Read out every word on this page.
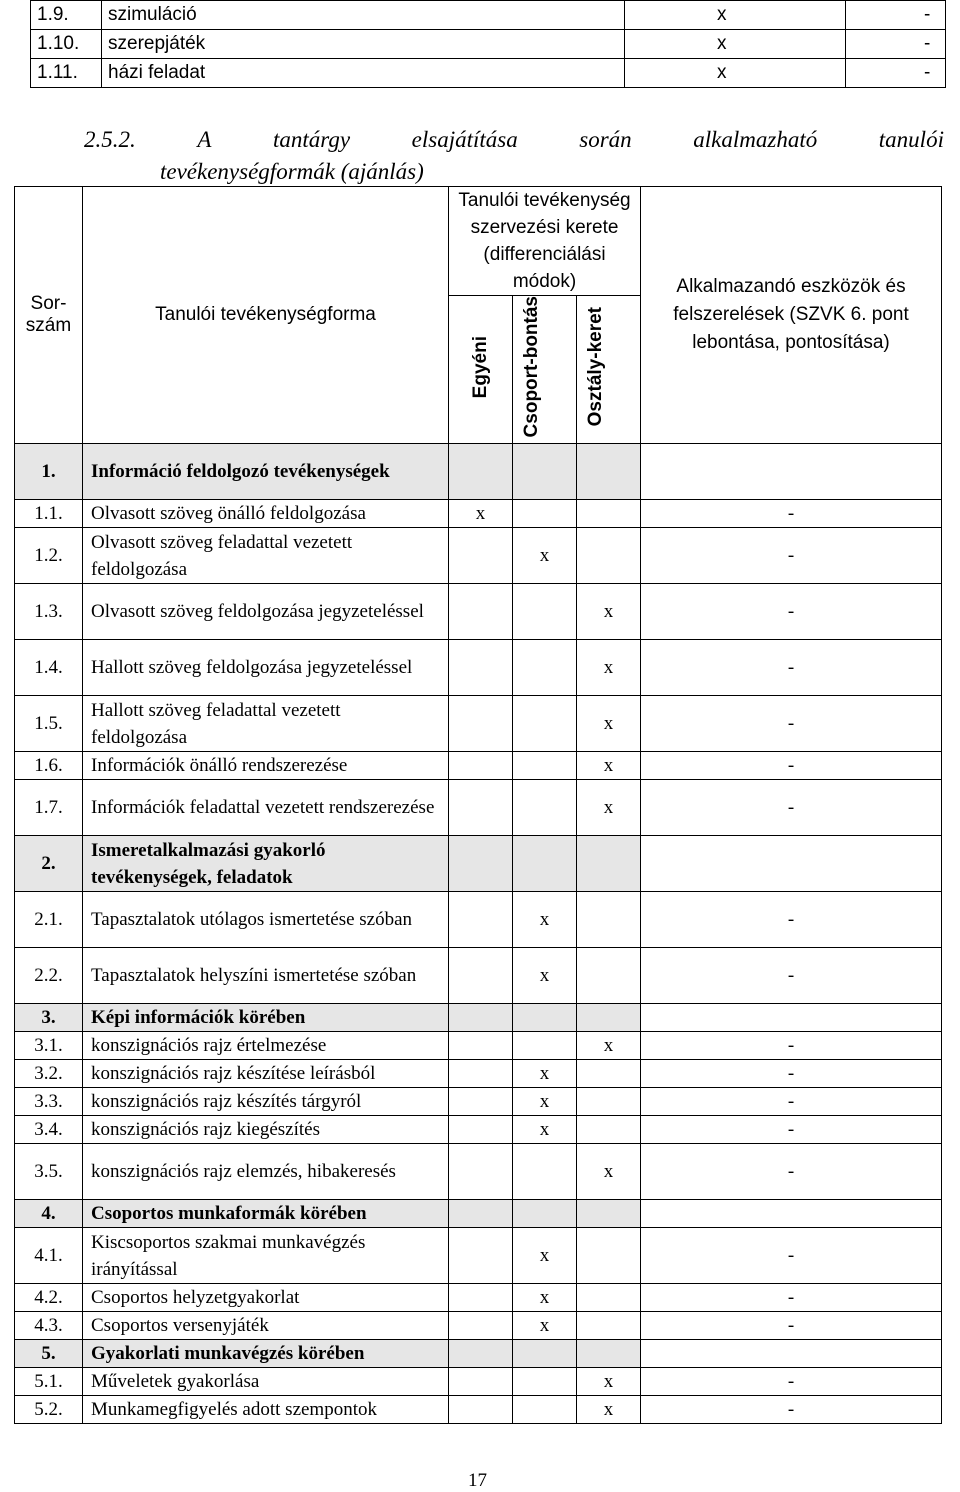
1.9.	szimuláció	x	-
1.10.	szerepjáték	x	-
1.11.	házi feladat	x	-
2.5.2.	A	tantárgy	elsajátítása	során	alkalmazható	tanulói
tevékenységformák (ajánlás)
Sor-szám	Tanulói tevékenységforma	Tanulói tevékenység szervezési kerete (differenciálási módok)			Alkalmazandó eszközök és felszerelések (SZVK 6. pont lebontása, pontosítása)
		Egyéni	Csoport-bontás	Osztály-keret	
1.	Információ feldolgozó tevékenységek				
1.1.	Olvasott szöveg önálló feldolgozása	x			-
1.2.	Olvasott szöveg feladattal vezetett feldolgozása		x		-
1.3.	Olvasott szöveg feldolgozása jegyzeteléssel			x	-
1.4.	Hallott szöveg feldolgozása jegyzeteléssel			x	-
1.5.	Hallott szöveg feladattal vezetett feldolgozása			x	-
1.6.	Információk önálló rendszerezése			x	-
1.7.	Információk feladattal vezetett rendszerezése			x	-
2.	Ismeretalkalmazási gyakorló tevékenységek, feladatok				
2.1.	Tapasztalatok utólagos ismertetése szóban		x		-
2.2.	Tapasztalatok helyszíni ismertetése szóban		x		-
3.	Képi információk körében				
3.1.	konszignációs rajz értelmezése			x	-
3.2.	konszignációs rajz készítése leírásból		x		-
3.3.	konszignációs rajz készítés tárgyról		x		-
3.4.	konszignációs rajz kiegészítés		x		-
3.5.	konszignációs rajz elemzés, hibakeresés			x	-
4.	Csoportos munkaformák körében				
4.1.	Kiscsoportos szakmai munkavégzés irányítással		x		-
4.2.	Csoportos helyzetgyakorlat		x		-
4.3.	Csoportos versenyjáték		x		-
5.	Gyakorlati munkavégzés körében				
5.1.	Műveletek gyakorlása			x	-
5.2.	Munkamegfigyelés adott szempontok			x	-
17
